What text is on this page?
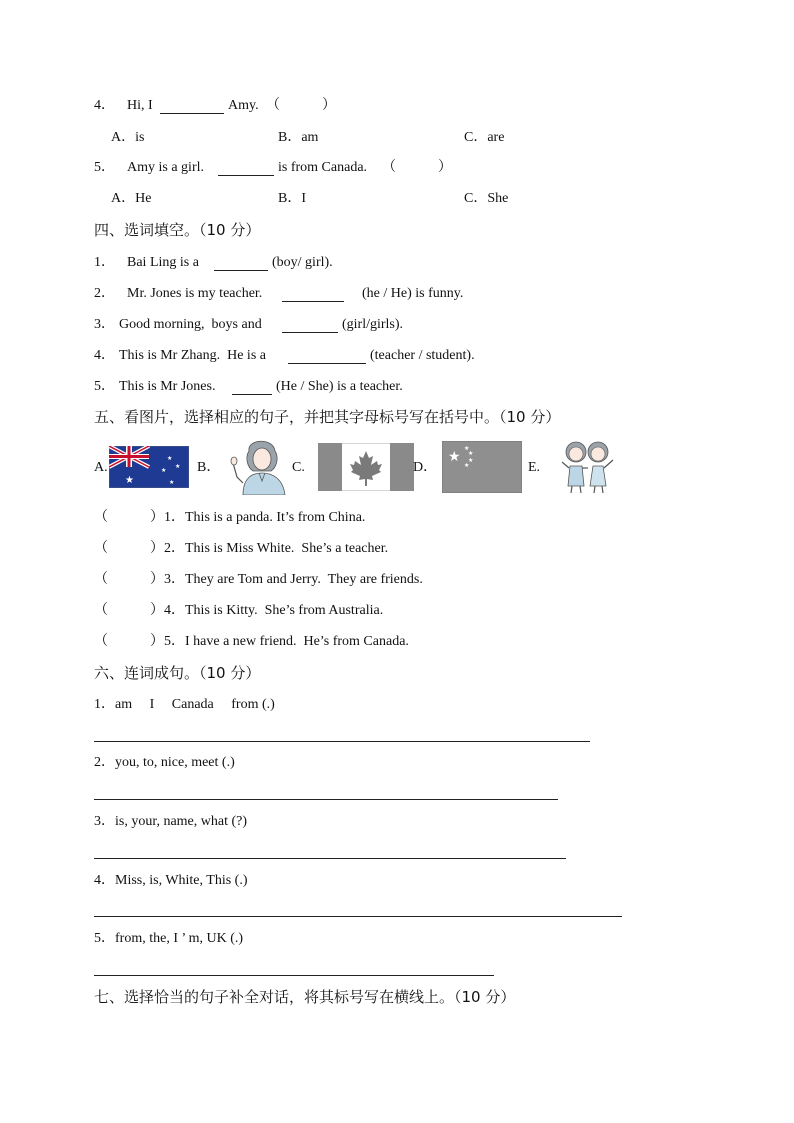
4． Hi, I	Amy. （　　　）
A．is	B．am	C．are
5． Amy is a girl.	is from Canada. （　　　）
A．He	B．I	C．She
四、选词填空。（10 分）
1． Bai Ling is a	(boy/ girl).
2． Mr. Jones is my teacher.	(he / He) is funny.
3． Good morning,  boys and	(girl/girls).
4． This is Mr Zhang.  He is a	(teacher / student).
5． This is Mr Jones.	(He / She) is a teacher.
五、看图片，选择相应的句子，并把其字母标号写在括号中。（10 分）
A.
★
★
★
★
★
B．	C.	D．
★
★
★
★
★	E.
（　　　） 1．This is a panda. It’s from China.
（　　　） 2．This is Miss White.  She’s a teacher.
（　　　） 3．They are Tom and Jerry.  They are friends.
（　　　） 4．This is Kitty.  She’s from Australia.
（　　　） 5．I have a new friend.  He’s from Canada.
六、连词成句。（10 分）
1．am     I     Canada     from (.)
2．you, to, nice, meet (.)
3．is, your, name, what (?)
4．Miss, is, White, This (.)
5．from, the, I ’ m, UK (.)
七、选择恰当的句子补全对话，将其标号写在横线上。（10 分）
